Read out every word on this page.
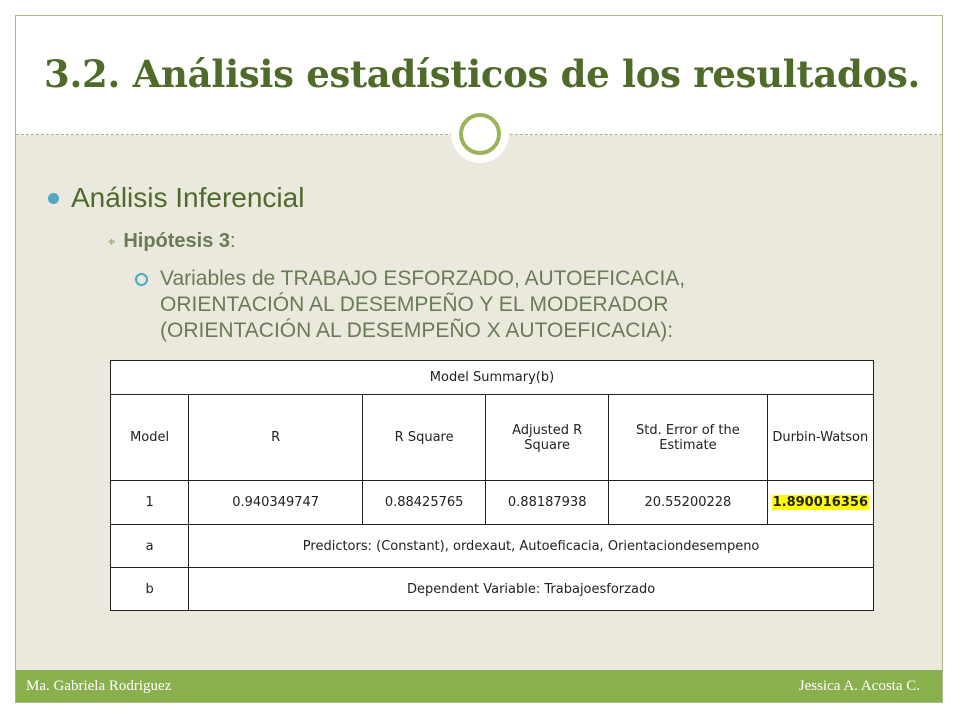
3.2. Análisis estadísticos de los resultados.
Análisis Inferencial
⌖ Hipótesis 3:
Variables de TRABAJO ESFORZADO, AUTOEFICACIA,
ORIENTACIÓN AL DESEMPEÑO Y EL MODERADOR
(ORIENTACIÓN AL DESEMPEÑO X AUTOEFICACIA):
Model Summary(b)					
Model	R	R Square	Adjusted R Square	Std. Error of the Estimate	Durbin-Watson
1	0.940349747	0.88425765	0.88187938	20.55200228	1.890016356
a	Predictors: (Constant), ordexaut, Autoeficacia, Orientaciondesempeno				
b	Dependent Variable: Trabajoesforzado				
Ma. Gabriela Rodriguez	Jessica A. Acosta C.
